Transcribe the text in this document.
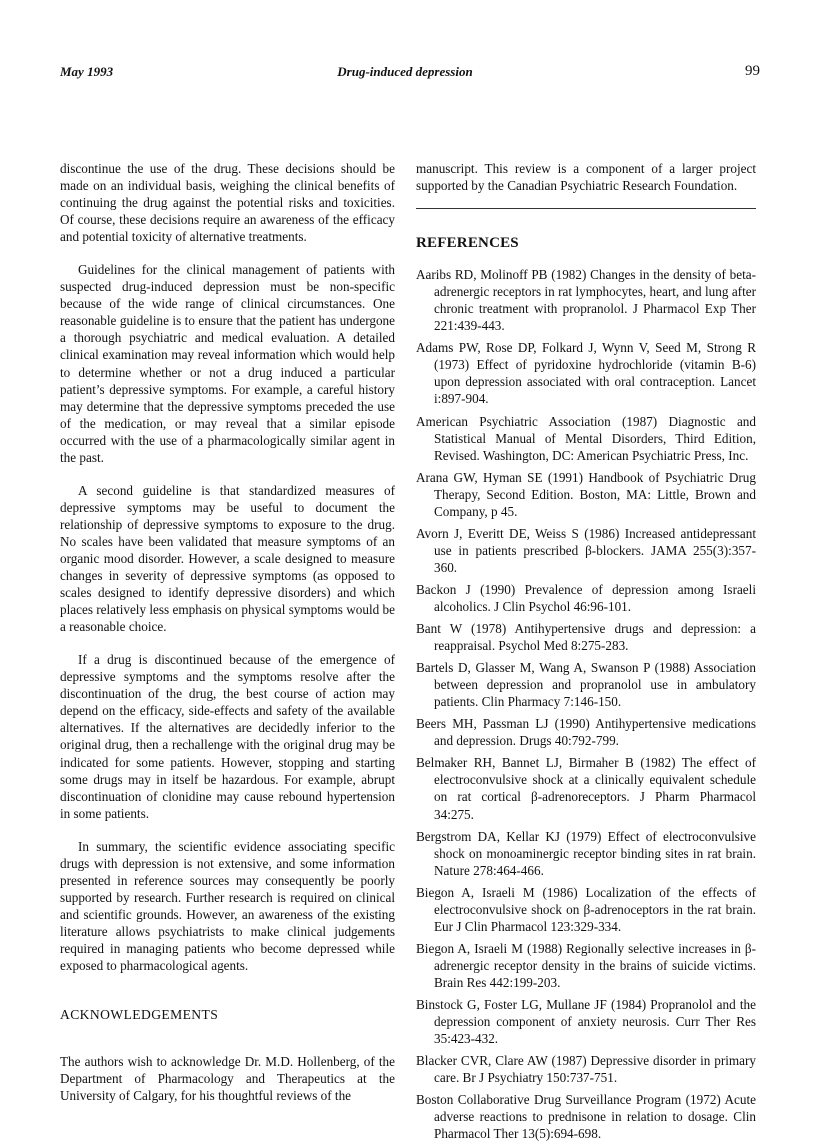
May 1993	Drug-induced depression	99

discontinue the use of the drug. These decisions should be made on an individual basis, weighing the clinical benefits of continuing the drug against the potential risks and toxicities. Of course, these decisions require an awareness of the efficacy and potential toxicity of alternative treatments.

Guidelines for the clinical management of patients with suspected drug-induced depression must be non-specific because of the wide range of clinical circumstances. One reasonable guideline is to ensure that the patient has undergone a thorough psychiatric and medical evaluation. A detailed clinical examination may reveal information which would help to determine whether or not a drug induced a particular patient’s depressive symptoms. For example, a careful history may determine that the depressive symptoms preceded the use of the medication, or may reveal that a similar episode occurred with the use of a pharmacologically similar agent in the past.

A second guideline is that standardized measures of depressive symptoms may be useful to document the relationship of depressive symptoms to exposure to the drug. No scales have been validated that measure symptoms of an organic mood disorder. However, a scale designed to measure changes in severity of depressive symptoms (as opposed to scales designed to identify depressive disorders) and which places relatively less emphasis on physical symptoms would be a reasonable choice.

If a drug is discontinued because of the emergence of depressive symptoms and the symptoms resolve after the discontinuation of the drug, the best course of action may depend on the efficacy, side-effects and safety of the available alternatives. If the alternatives are decidedly inferior to the original drug, then a rechallenge with the original drug may be indicated for some patients. However, stopping and starting some drugs may in itself be hazardous. For example, abrupt discontinuation of clonidine may cause rebound hypertension in some patients.

In summary, the scientific evidence associating specific drugs with depression is not extensive, and some information presented in reference sources may consequently be poorly supported by research. Further research is required on clinical and scientific grounds. However, an awareness of the existing literature allows psychiatrists to make clinical judgements required in managing patients who become depressed while exposed to pharmacological agents.

ACKNOWLEDGEMENTS

The authors wish to acknowledge Dr. M.D. Hollenberg, of the Department of Pharmacology and Therapeutics at the University of Calgary, for his thoughtful reviews of the

manuscript. This review is a component of a larger project supported by the Canadian Psychiatric Research Foundation.

REFERENCES

Aaribs RD, Molinoff PB (1982) Changes in the density of beta-adrenergic receptors in rat lymphocytes, heart, and lung after chronic treatment with propranolol. J Pharmacol Exp Ther 221:439-443.

Adams PW, Rose DP, Folkard J, Wynn V, Seed M, Strong R (1973) Effect of pyridoxine hydrochloride (vitamin B-6) upon depression associated with oral contraception. Lancet i:897-904.

American Psychiatric Association (1987) Diagnostic and Statistical Manual of Mental Disorders, Third Edition, Revised. Washington, DC: American Psychiatric Press, Inc.

Arana GW, Hyman SE (1991) Handbook of Psychiatric Drug Therapy, Second Edition. Boston, MA: Little, Brown and Company, p 45.

Avorn J, Everitt DE, Weiss S (1986) Increased antidepressant use in patients prescribed β-blockers. JAMA 255(3):357-360.

Backon J (1990) Prevalence of depression among Israeli alcoholics. J Clin Psychol 46:96-101.

Bant W (1978) Antihypertensive drugs and depression: a reappraisal. Psychol Med 8:275-283.

Bartels D, Glasser M, Wang A, Swanson P (1988) Association between depression and propranolol use in ambulatory patients. Clin Pharmacy 7:146-150.

Beers MH, Passman LJ (1990) Antihypertensive medications and depression. Drugs 40:792-799.

Belmaker RH, Bannet LJ, Birmaher B (1982) The effect of electroconvulsive shock at a clinically equivalent schedule on rat cortical β-adrenoreceptors. J Pharm Pharmacol 34:275.

Bergstrom DA, Kellar KJ (1979) Effect of electroconvulsive shock on monoaminergic receptor binding sites in rat brain. Nature 278:464-466.

Biegon A, Israeli M (1986) Localization of the effects of electroconvulsive shock on β-adrenoceptors in the rat brain. Eur J Clin Pharmacol 123:329-334.

Biegon A, Israeli M (1988) Regionally selective increases in β-adrenergic receptor density in the brains of suicide victims. Brain Res 442:199-203.

Binstock G, Foster LG, Mullane JF (1984) Propranolol and the depression component of anxiety neurosis. Curr Ther Res 35:423-432.

Blacker CVR, Clare AW (1987) Depressive disorder in primary care. Br J Psychiatry 150:737-751.

Boston Collaborative Drug Surveillance Program (1972) Acute adverse reactions to prednisone in relation to dosage. Clin Pharmacol Ther 13(5):694-698.
